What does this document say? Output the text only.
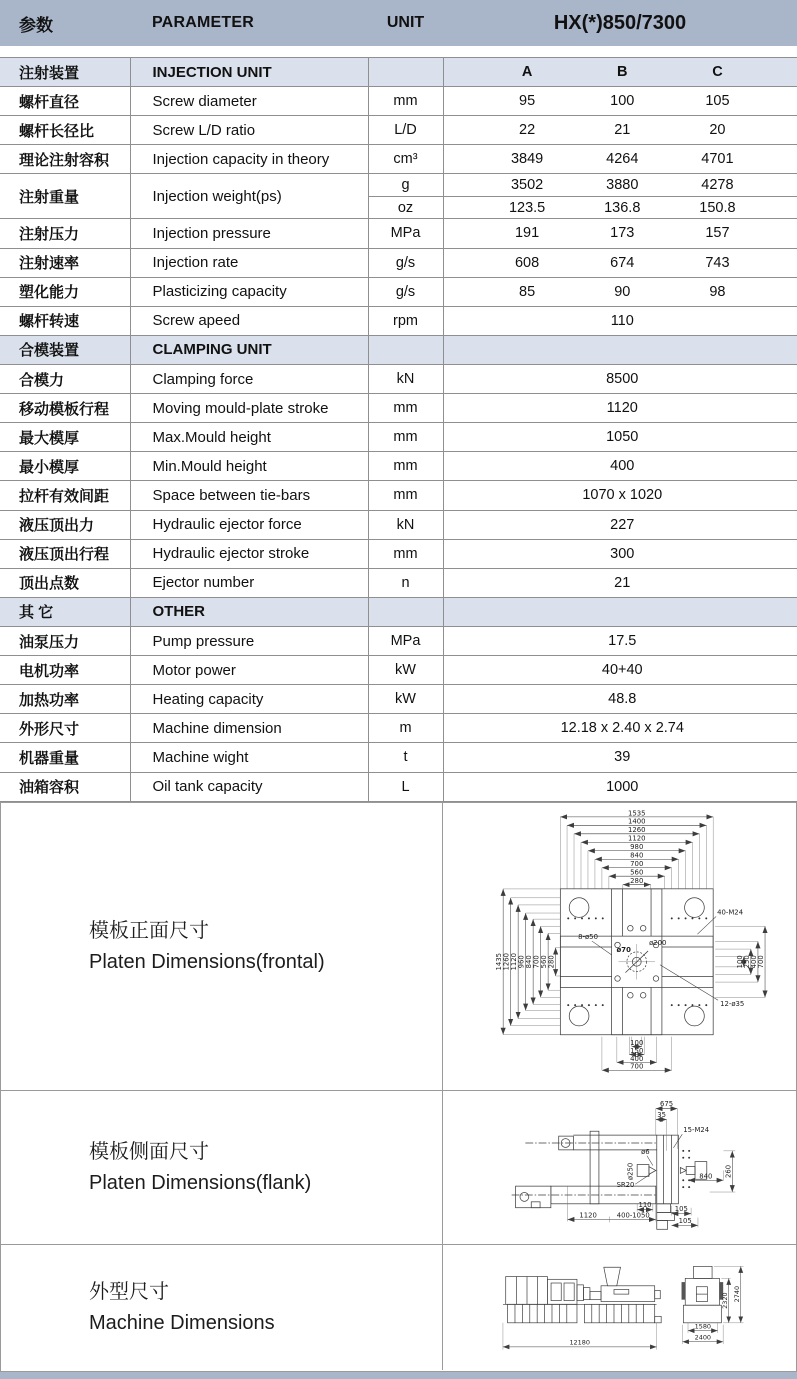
参数	PARAMETER	UNIT	HX(*)850/7300
注射装置	INJECTION UNIT		A B C

螺杆直径	Screw diameter	mm	95 100 105

螺杆长径比	Screw L/D ratio	L/D	22 21 20

理论注射容积	Injection capacity in theory	cm³	3849 4264 4701

注射重量	Injection weight(ps)	g	3502 3880 4278

		oz	123.5 136.8 150.8

注射压力	Injection pressure	MPa	191 173 157

注射速率	Injection rate	g/s	608 674 743

塑化能力	Plasticizing capacity	g/s	85 90 98

螺杆转速	Screw apeed	rpm	110
合模装置	CLAMPING UNIT		
合模力	Clamping force	kN	8500
移动模板行程	Moving mould-plate stroke	mm	1120
最大模厚	Max.Mould height	mm	1050
最小模厚	Min.Mould height	mm	400
拉杆有效间距	Space between tie-bars	mm	1070 x 1020
液压顶出力	Hydraulic ejector force	kN	227
液压顶出行程	Hydraulic ejector stroke	mm	300
顶出点数	Ejector number	n	21
其 它	OTHER		
油泵压力	Pump pressure	MPa	17.5
电机功率	Motor power	kW	40+40
加热功率	Heating capacity	kW	48.8
外形尺寸	Machine dimension	m	12.18 x 2.40 x 2.74
机器重量	Machine wight	t	39
油箱容积	Oil tank capacity	L	1000
模板正面尺寸
Platen Dimensions(frontal)
1535
1400
1260
1120
980
840
700
560
280
1435 1260 1120 960 840 700 560 280	100 250 400 700
100
150
400
700
40-M24
8-ø50
ø70
ø200
12-ø35
模板侧面尺寸
Platen Dimensions(flank)
675
35
15-M24
ø6
ø250
SR20
840 260
110
1120	400-1050
105
105
外型尺寸
Machine Dimensions
12180
1580
2400
2320 2740
